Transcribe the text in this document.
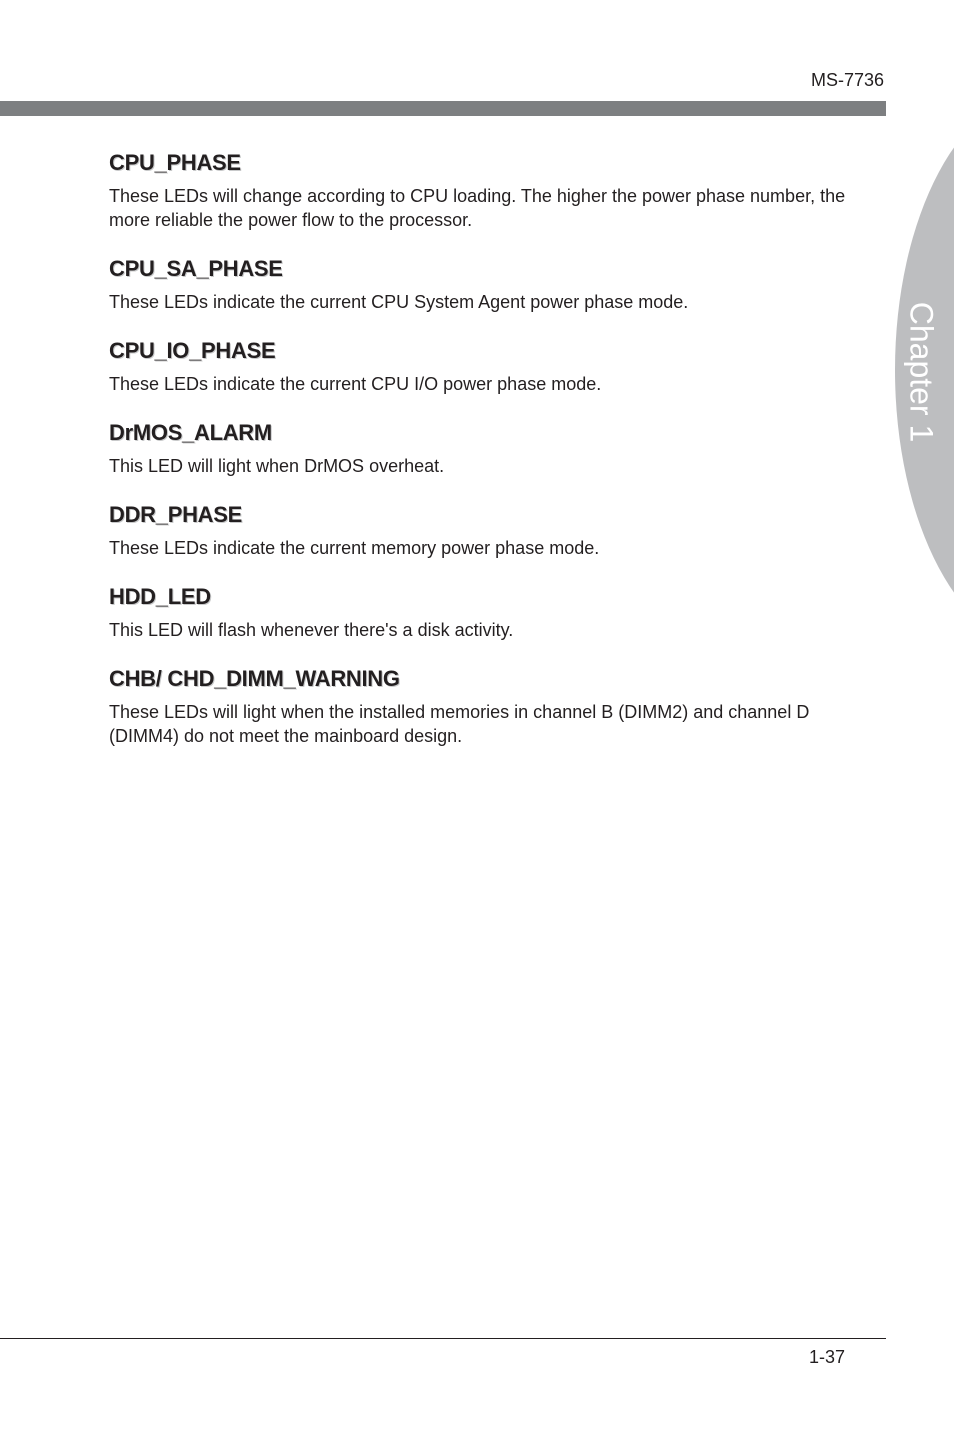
MS-7736
Chapter 1
CPU_PHASE

These LEDs will change according to CPU loading. The higher the power phase number, the more reliable the power flow to the processor.

CPU_SA_PHASE

These LEDs indicate the current CPU System Agent power phase mode.

CPU_IO_PHASE

These LEDs indicate the current CPU I/O power phase mode.

DrMOS_ALARM

This LED will light when DrMOS overheat.

DDR_PHASE

These LEDs indicate the current memory power phase mode.

HDD_LED

This LED will flash whenever there's a disk activity.

CHB/ CHD_DIMM_WARNING

These LEDs will light when the installed memories in channel B (DIMM2) and channel D (DIMM4) do not meet the mainboard design.

1-37
